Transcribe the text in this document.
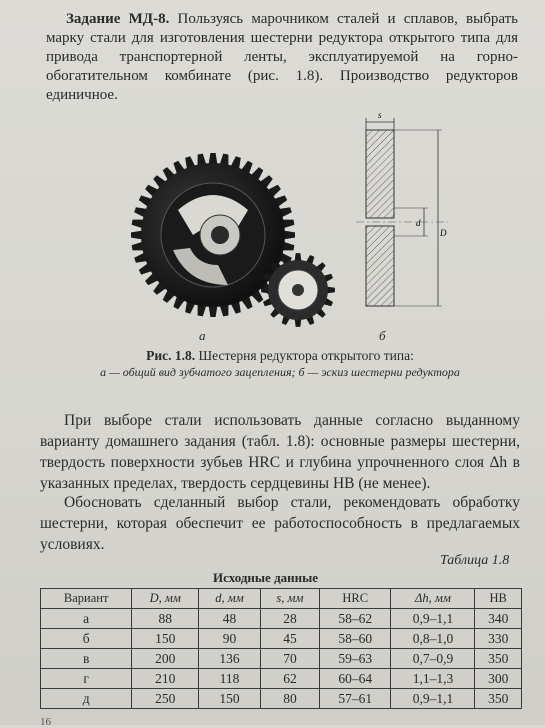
Задание МД-8. Пользуясь марочником сталей и сплавов, выбрать марку стали для изготовления шестерни редуктора открытого типа для привода транспортерной ленты, эксплуатируемой на горно-обогатительном комбинате (рис. 1.8). Производство редукторов единичное.
s
D
d
а	б
Рис. 1.8. Шестерня редуктора открытого типа:
а — общий вид зубчатого зацепления; б — эскиз шестерни редуктора
При выборе стали использовать данные согласно выданному варианту домашнего задания (табл. 1.8): основные размеры шестерни, твердость поверхности зубьев HRC и глубина упрочненного слоя Δh в указанных пределах, твердость сердцевины HB (не менее).
Обосновать сделанный выбор стали, рекомендовать обработку шестерни, которая обеспечит ее работоспособность в предлагаемых условиях.
Таблица 1.8
Исходные данные
Вариант	D, мм	d, мм	s, мм	HRC	Δh, мм	HB
а	88	48	28	58–62	0,9–1,1	340
б	150	90	45	58–60	0,8–1,0	330
в	200	136	70	59–63	0,7–0,9	350
г	210	118	62	60–64	1,1–1,3	300
д	250	150	80	57–61	0,9–1,1	350
16
